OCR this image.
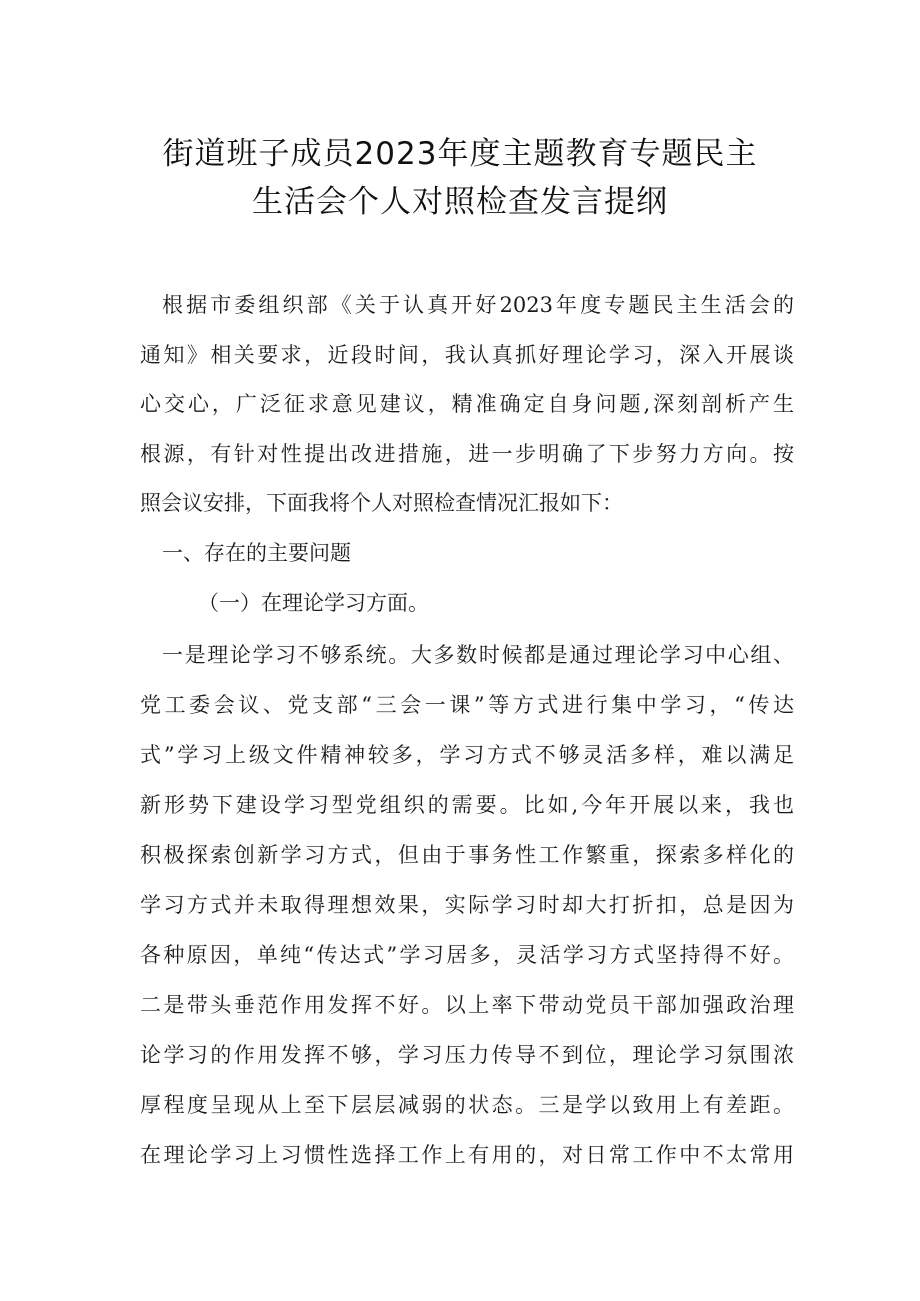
街道班子成员2023年度主题教育专题民主
生活会个人对照检查发言提纲
根据市委组织部《关于认真开好2023年度专题民主生活会的
通知》相关要求，近段时间，我认真抓好理论学习，深入开展谈
心交心，广泛征求意见建议，精准确定自身问题,深刻剖析产生
根源，有针对性提出改进措施，进一步明确了下步努力方向。按
照会议安排，下面我将个人对照检查情况汇报如下：
一、存在的主要问题
（一）在理论学习方面。
一是理论学习不够系统。大多数时候都是通过理论学习中心组、
党工委会议、党支部“三会一课”等方式进行集中学习，“传达
式”学习上级文件精神较多，学习方式不够灵活多样，难以满足
新形势下建设学习型党组织的需要。比如,今年开展以来，我也
积极探索创新学习方式，但由于事务性工作繁重，探索多样化的
学习方式并未取得理想效果，实际学习时却大打折扣，总是因为
各种原因，单纯“传达式”学习居多，灵活学习方式坚持得不好。
二是带头垂范作用发挥不好。以上率下带动党员干部加强政治理
论学习的作用发挥不够，学习压力传导不到位，理论学习氛围浓
厚程度呈现从上至下层层减弱的状态。三是学以致用上有差距。
在理论学习上习惯性选择工作上有用的，对日常工作中不太常用
